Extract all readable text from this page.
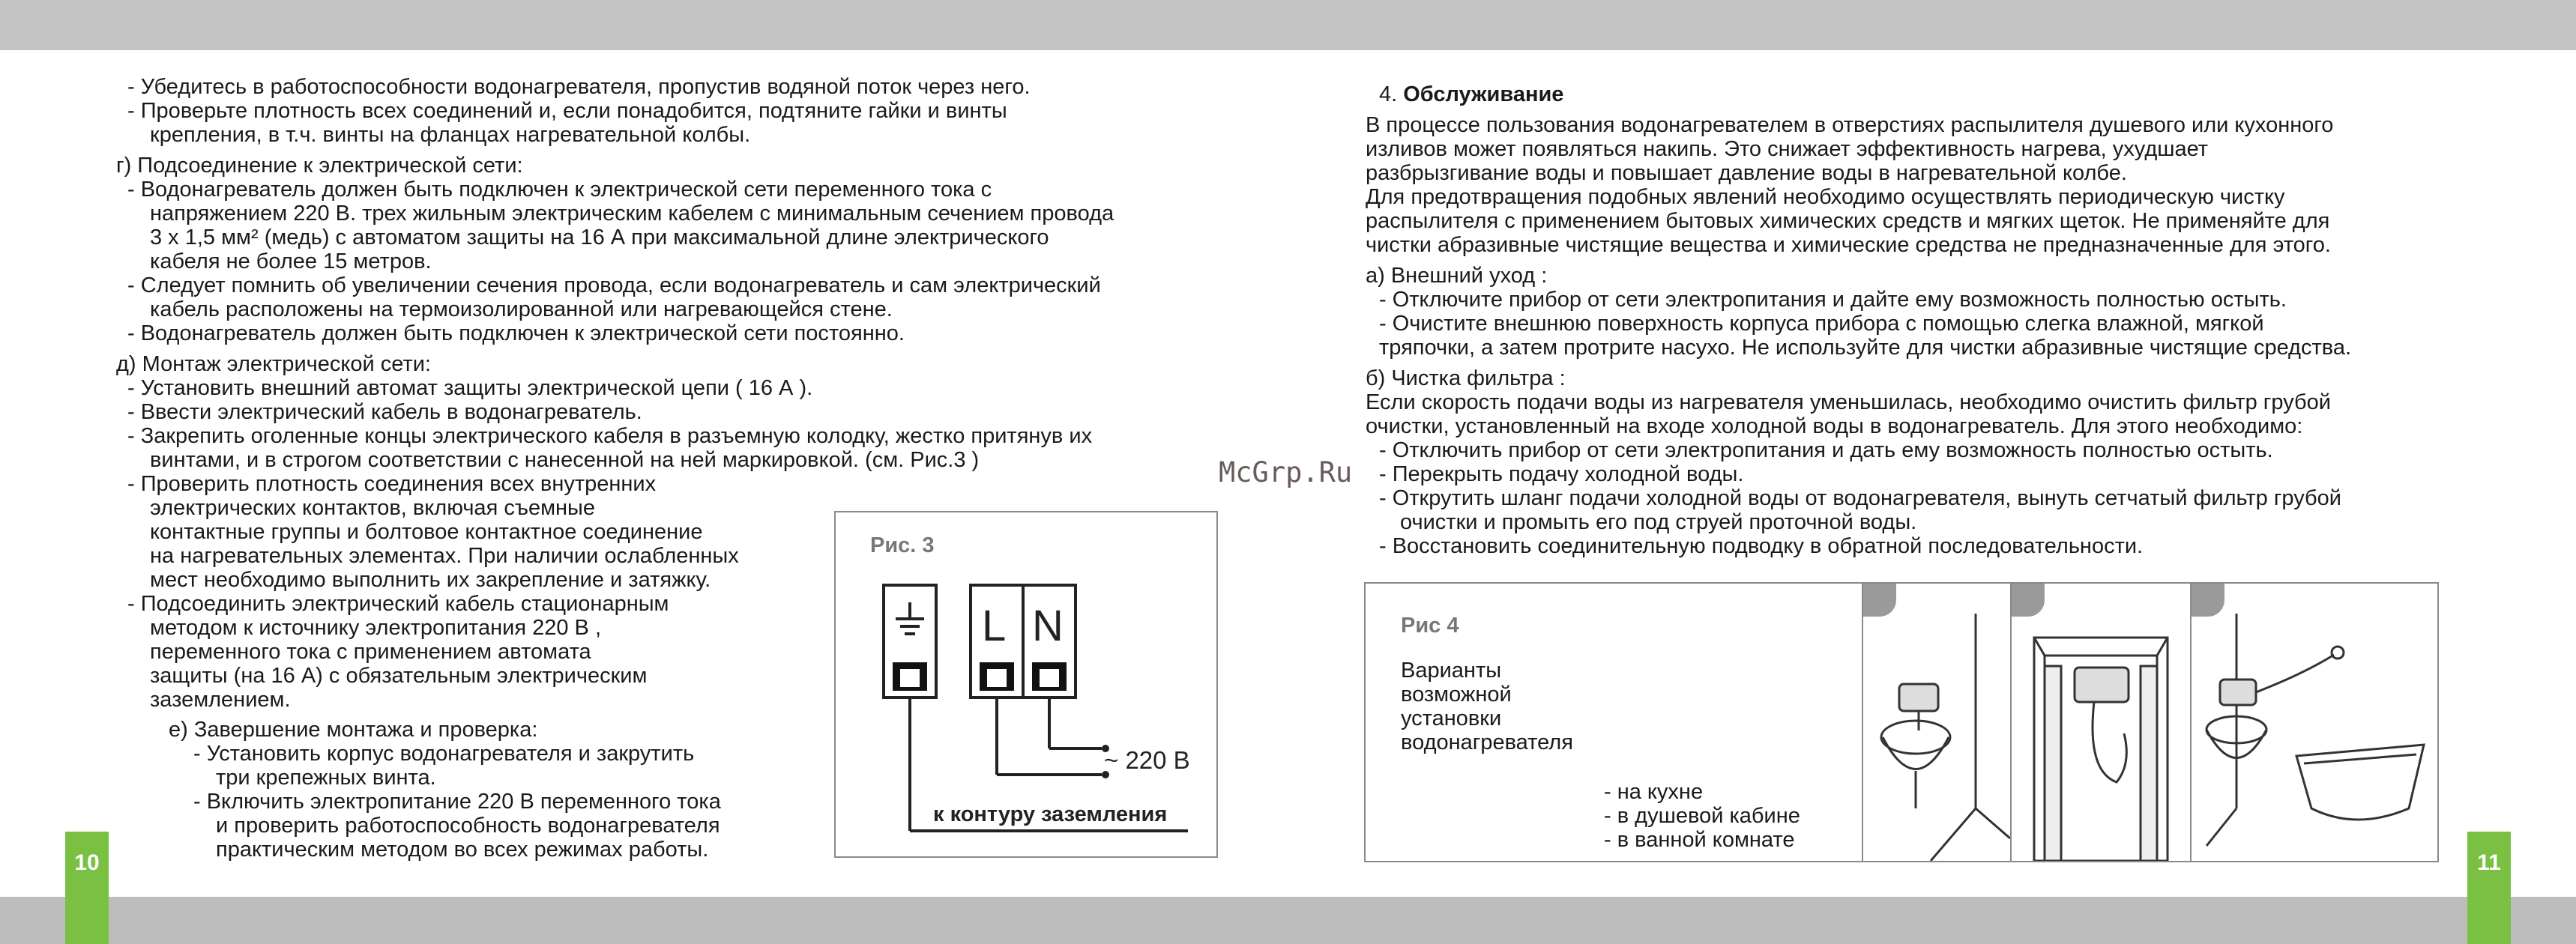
- Убедитесь в работоспособности водонагревателя, пропустив водяной поток через него.
- Проверьте плотность всех соединений и, если понадобится, подтяните гайки и винты
крепления, в т.ч. винты на фланцах нагревательной колбы.
г) Подсоединение к электрической сети:
- Водонагреватель должен быть подключен к электрической сети переменного тока с
напряжением 220 В. трех жильным электрическим кабелем с минимальным сечением провода
3 х 1,5 мм² (медь) с автоматом защиты на 16 А при максимальной длине электрического
кабеля не более 15 метров.
- Следует помнить об увеличении сечения провода, если водонагреватель и сам электрический
кабель расположены на термоизолированной или нагревающейся стене.
- Водонагреватель должен быть подключен к электрической сети постоянно.
д) Монтаж электрической сети:
- Установить внешний автомат защиты электрической цепи ( 16 А ).
- Ввести электрический кабель в водонагреватель.
- Закрепить оголенные концы электрического кабеля в разъемную колодку, жестко притянув их
винтами, и в строгом соответствии с нанесенной на ней маркировкой. (см. Рис.3 )
- Проверить плотность соединения всех внутренних
электрических контактов, включая съемные
контактные группы и болтовое контактное соединение
на нагревательных элементах. При наличии ослабленных
мест необходимо выполнить их закрепление и затяжку.
- Подсоединить электрический кабель стационарным
методом к источнику электропитания 220 В ,
переменного тока с применением автомата
защиты (на 16 А) с обязательным электрическим
заземлением.
е) Завершение монтажа и проверка:
- Установить корпус водонагревателя и закрутить
три крепежных винта.
- Включить электропитание 220 В переменного тока
и проверить работоспособность водонагревателя
практическим методом во всех режимах работы.
Рис. 3
L N
~ 220 В
к контуру заземления
10
McGrp.Ru
4. Обслуживание
В процессе пользования водонагревателем в отверстиях распылителя душевого или кухонного
изливов может появляться накипь. Это снижает эффективность нагрева, ухудшает
разбрызгивание воды и повышает давление воды в нагревательной колбе.
Для предотвращения подобных явлений необходимо осуществлять периодическую чистку
распылителя с применением бытовых химических средств и мягких щеток. Не применяйте для
чистки абразивные чистящие вещества и химические средства не предназначенные для этого.
а) Внешний уход :
- Отключите прибор от сети электропитания и дайте ему возможность полностью остыть.
- Очистите внешнюю поверхность корпуса прибора с помощью слегка влажной, мягкой
тряпочки, а затем протрите насухо. Не используйте для чистки абразивные чистящие средства.
б) Чистка фильтра :
Если скорость подачи воды из нагревателя уменьшилась, необходимо очистить фильтр грубой
очистки, установленный на входе холодной воды в водонагреватель. Для этого необходимо:
- Отключить прибор от сети электропитания и дать ему возможность полностью остыть.
- Перекрыть подачу холодной воды.
- Открутить шланг подачи холодной воды от водонагревателя, вынуть сетчатый фильтр грубой
очистки и промыть его под струей проточной воды.
- Восстановить соединительную подводку в обратной последовательности.
Рис 4
Варианты
возможной
установки
водонагревателя
- на кухне
- в душевой кабине
- в ванной комнате
11
